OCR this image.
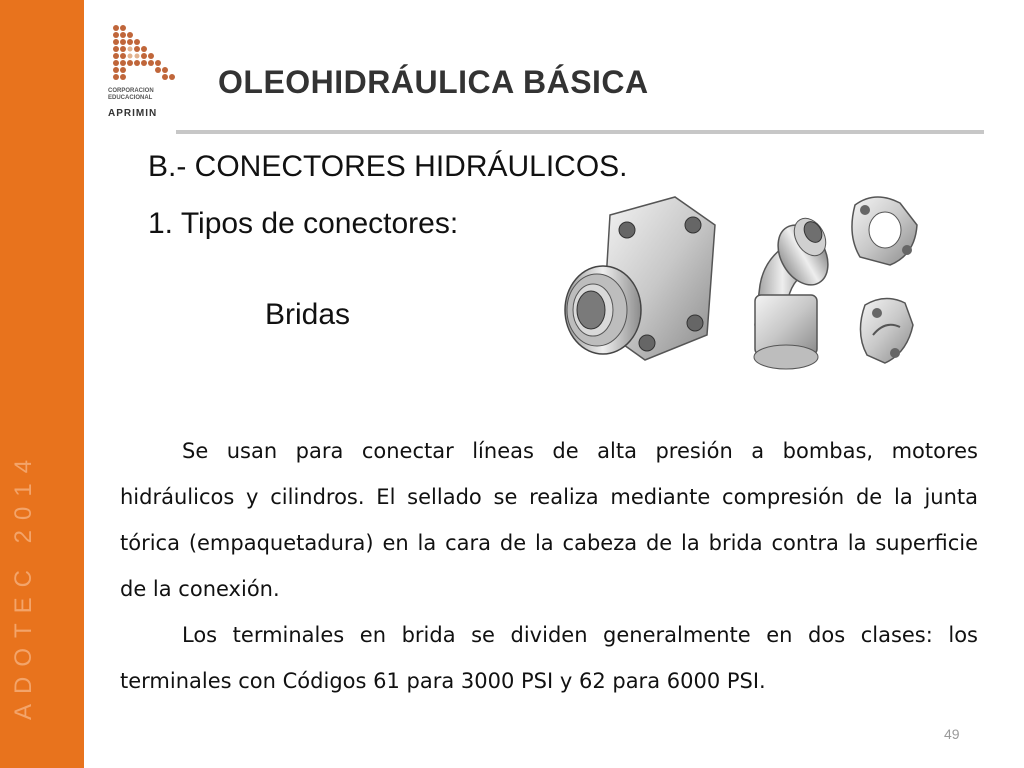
ADOTEC 2014
CORPORACION
EDUCACIONAL
APRIMIN
OLEOHIDRÁULICA BÁSICA
B.- CONECTORES HIDRÁULICOS.
1. Tipos de conectores:
Bridas

Se usan para conectar líneas de alta presión a bombas, motores hidráulicos y cilindros. El sellado se realiza mediante compresión de la junta tórica (empaquetadura) en la cara de la cabeza de la brida contra la superficie de la conexión.

Los terminales en brida se dividen generalmente en dos clases: los terminales con Códigos 61 para 3000 PSI y 62 para 6000 PSI.

49
